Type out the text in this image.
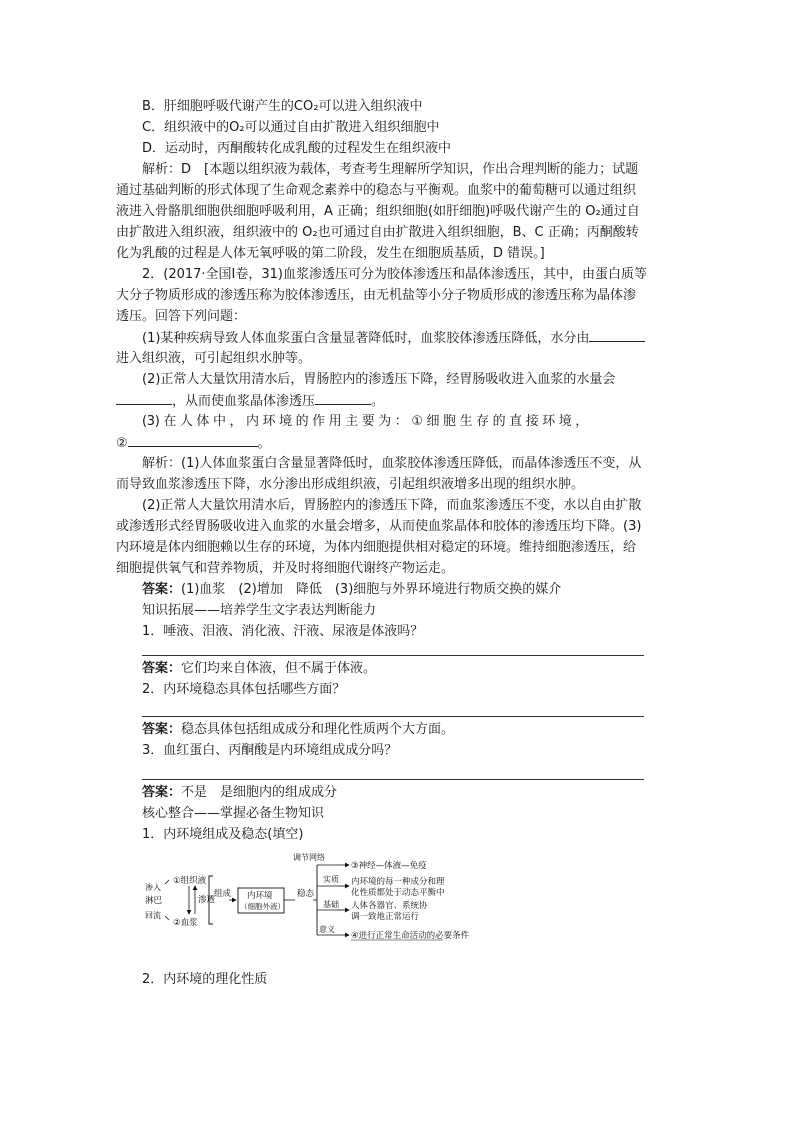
B．肝细胞呼吸代谢产生的CO₂可以进入组织液中
C．组织液中的O₂可以通过自由扩散进入组织细胞中
D．运动时，丙酮酸转化成乳酸的过程发生在组织液中
解析：D　[本题以组织液为载体，考查考生理解所学知识，作出合理判断的能力；试题
通过基础判断的形式体现了生命观念素养中的稳态与平衡观。血浆中的葡萄糖可以通过组织
液进入骨骼肌细胞供细胞呼吸利用，A 正确；组织细胞(如肝细胞)呼吸代谢产生的 O₂通过自
由扩散进入组织液，组织液中的 O₂也可通过自由扩散进入组织细胞，B、C 正确；丙酮酸转
化为乳酸的过程是人体无氧呼吸的第二阶段，发生在细胞质基质，D 错误。]
2．(2017·全国Ⅰ卷，31)血浆渗透压可分为胶体渗透压和晶体渗透压，其中，由蛋白质等
大分子物质形成的渗透压称为胶体渗透压，由无机盐等小分子物质形成的渗透压称为晶体渗
透压。回答下列问题：
(1)某种疾病导致人体血浆蛋白含量显著降低时，血浆胶体渗透压降低，水分由
进入组织液，可引起组织水肿等。
(2)正常人大量饮用清水后，胃肠腔内的渗透压下降，经胃肠吸收进入血浆的水量会
，从而使血浆晶体渗透压	。
(3) 在 人 体 中 ， 内 环 境 的 作 用 主 要 为 ： ① 细 胞 生 存 的 直 接 环 境 ，
②	。
解析：(1)人体血浆蛋白含量显著降低时，血浆胶体渗透压降低，而晶体渗透压不变，从
而导致血浆渗透压下降，水分渗出形成组织液，引起组织液增多出现的组织水肿。
(2)正常人大量饮用清水后，胃肠腔内的渗透压下降，而血浆渗透压不变，水以自由扩散
或渗透形式经胃肠吸收进入血浆的水量会增多，从而使血浆晶体和胶体的渗透压均下降。(3)
内环境是体内细胞赖以生存的环境，为体内细胞提供相对稳定的环境。维持细胞渗透压，给
细胞提供氧气和营养物质，并及时将细胞代谢终产物运走。
答案：(1)血浆　(2)增加　降低　(3)细胞与外界环境进行物质交换的媒介
知识拓展——培养学生文字表达判断能力
1．唾液、泪液、消化液、汗液、尿液是体液吗？
答案：它们均来自体液，但不属于体液。
2．内环境稳态具体包括哪些方面？
答案：稳态具体包括组成成分和理化性质两个大方面。
3．血红蛋白、丙酮酸是内环境组成成分吗？
答案：不是　是细胞内的组成成分
核心整合——掌握必备生物知识
1．内环境组成及稳态(填空)
①组织液
淋巴
②血浆
渗入
回流
渗透
组成 内环境
（细胞外液）
稳态
调节网络
实质
基础
意义
③神经—体液—免疫
内环境的每一种成分和理
化性质都处于动态平衡中
人体各器官、系统协
调一致地正常运行
④进行正常生命活动的必要条件
2．内环境的理化性质
